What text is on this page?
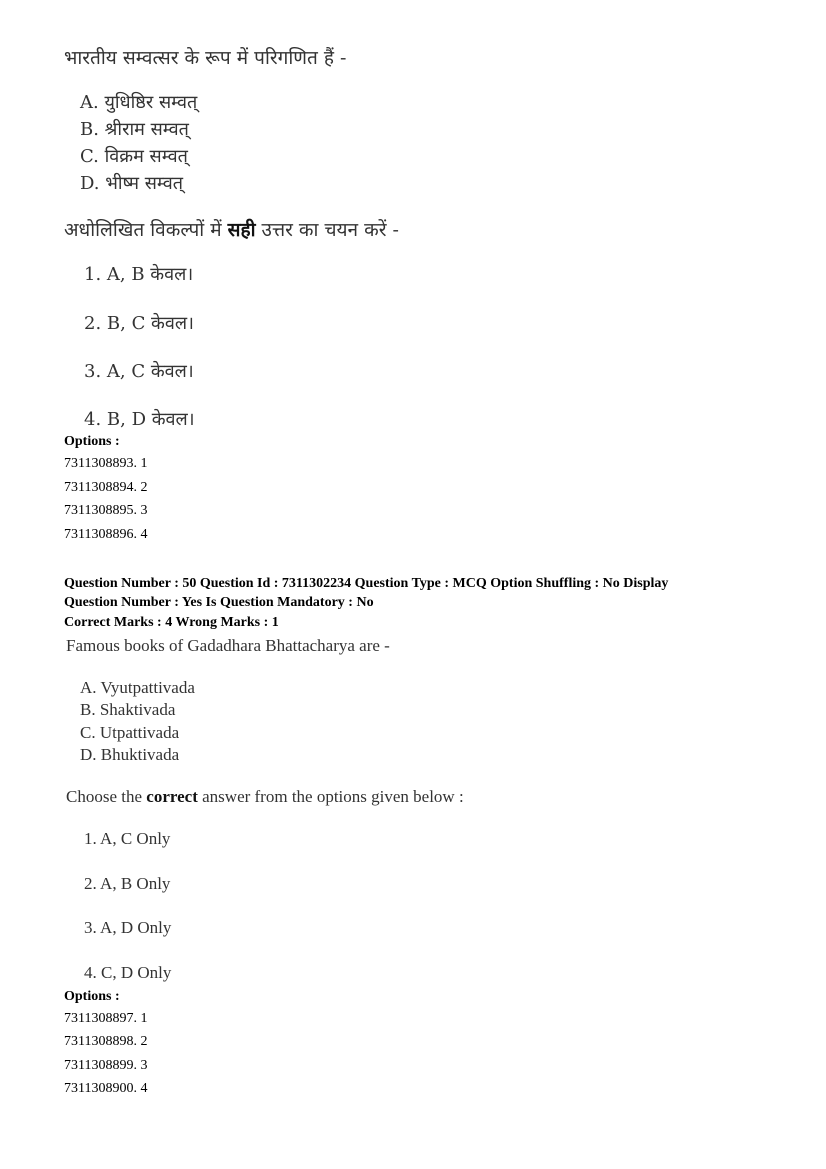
भारतीय सम्वत्सर के रूप में परिगणित हैं -
A. युधिष्ठिर सम्वत्
B. श्रीराम सम्वत्
C. विक्रम सम्वत्
D. भीष्म सम्वत्
अधोलिखित विकल्पों में सही उत्तर का चयन करें -
1. A, B केवल।
2. B, C केवल।
3. A, C केवल।
4. B, D केवल।
Options :
7311308893. 1
7311308894. 2
7311308895. 3
7311308896. 4
Question Number : 50 Question Id : 7311302234 Question Type : MCQ Option Shuffling : No Display
Question Number : Yes Is Question Mandatory : No
Correct Marks : 4 Wrong Marks : 1
Famous books of Gadadhara Bhattacharya are -
A. Vyutpattivada
B. Shaktivada
C. Utpattivada
D. Bhuktivada
Choose the correct answer from the options given below :
1. A, C Only
2. A, B Only
3. A, D Only
4. C, D Only
Options :
7311308897. 1
7311308898. 2
7311308899. 3
7311308900. 4
